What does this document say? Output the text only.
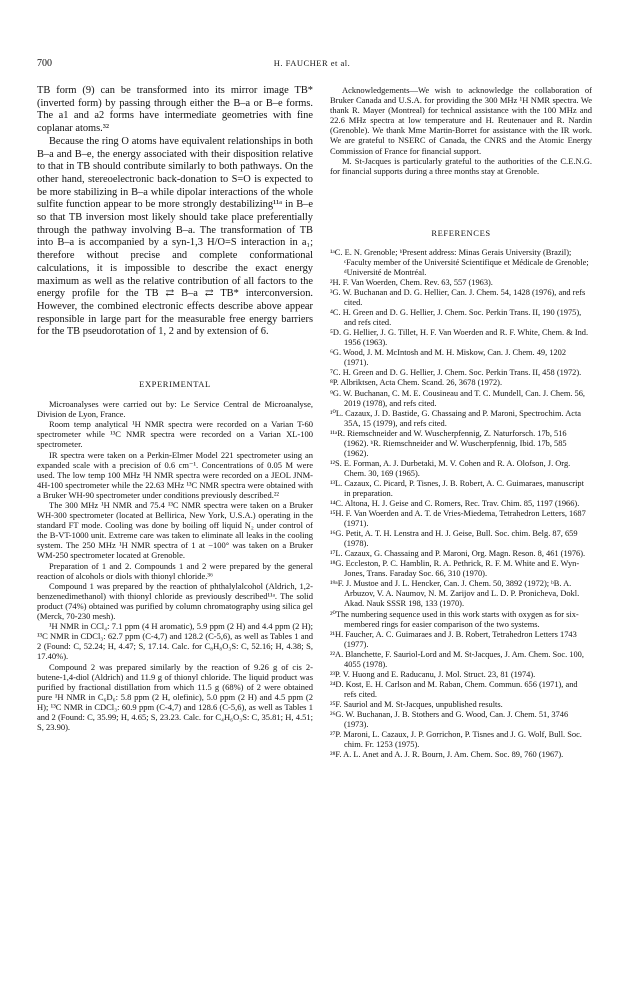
700	H. FAUCHER et al.

TB form (9) can be transformed into its mirror image TB* (inverted form) by passing through either the B–a or B–e forms. The a1 and a2 forms have intermediate geometries with fine coplanar atoms.³²

Because the ring O atoms have equivalent relationships in both B–a and B–e, the energy associated with their disposition relative to that in TB should contribute similarly to both pathways. On the other hand, stereoelectronic back-donation to S=O is expected to be more stabilizing in B–a while dipolar interactions of the whole sulfite function appear to be more strongly destabilizing¹¹ᵃ in B–e so that TB inversion most likely should take place preferentially through the pathway involving B–a. The transformation of TB into B–a is accompanied by a syn-1,3 H/O=S interaction in a₁; therefore without precise and complete conformational calculations, it is impossible to describe the exact energy maximum as well as the relative contribution of all factors to the energy profile for the TB ⇄ B–a ⇄ TB* interconversion. However, the combined electronic effects describe above appear responsible in large part for the measurable free energy barriers for the TB pseudorotation of 1, 2 and by extension of 6.

EXPERIMENTAL

Microanalyses were carried out by: Le Service Central de Microanalyse, Division de Lyon, France.

Room temp analytical ¹H NMR spectra were recorded on a Varian T-60 spectrometer while ¹³C NMR spectra were recorded on a Varian XL-100 spectrometer.

IR spectra were taken on a Perkin-Elmer Model 221 spectrometer using an expanded scale with a precision of 0.6 cm⁻¹. Concentrations of 0.05 M were used. The low temp 100 MHz ¹H NMR spectra were recorded on a JEOL JNM-4H-100 spectrometer while the 22.63 MHz ¹³C NMR spectra were obtained with a Bruker WH-90 spectrometer under conditions previously described.²²

The 300 MHz ¹H NMR and 75.4 ¹³C NMR spectra were taken on a Bruker WH-300 spectrometer (located at Bellirica, New York, U.S.A.) operating in the standard FT mode. Cooling was done by boiling off liquid N₂ under control of the B-VT-1000 unit. Extreme care was taken to eliminate all leaks in the cooling system. The 250 MHz ¹H NMR spectra of 1 at −100° was taken on a Bruker WM-250 spectrometer located at Grenoble.

Preparation of 1 and 2. Compounds 1 and 2 were prepared by the general reaction of alcohols or diols with thionyl chloride.³⁶

Compound 1 was prepared by the reaction of phthalylalcohol (Aldrich, 1,2-benzenedimethanol) with thionyl chloride as previously described¹¹ᵃ. The solid product (74%) obtained was purified by column chromatography using silica gel (Merck, 70-230 mesh).

¹H NMR in CCl₄: 7.1 ppm (4 H aromatic), 5.9 ppm (2 H) and 4.4 ppm (2 H); ¹³C NMR in CDCl₃: 62.7 ppm (C-4,7) and 128.2 (C-5,6), as well as Tables 1 and 2 (Found: C, 52.24; H, 4.47; S, 17.14. Calc. for C₈H₈O₃S: C, 52.16; H, 4.38; S, 17.40%).

Compound 2 was prepared similarly by the reaction of 9.26 g of cis 2-butene-1,4-diol (Aldrich) and 11.9 g of thionyl chloride. The liquid product was purified by fractional distillation from which 11.5 g (68%) of 2 were obtained pure ¹H NMR in C₆D₆: 5.8 ppm (2 H, olefinic), 5.0 ppm (2 H) and 4.5 ppm (2 H); ¹³C NMR in CDCl₃: 60.9 ppm (C-4,7) and 128.6 (C-5,6), as well as Tables 1 and 2 (Found: C, 35.99; H, 4.65; S, 23.23. Calc. for C₄H₆O₃S: C, 35.81; H, 4.51; S, 23.90).

Acknowledgements—We wish to acknowledge the collaboration of Bruker Canada and U.S.A. for providing the 300 MHz ¹H NMR spectra. We thank R. Mayer (Montreal) for technical assistance with the 100 MHz and 22.6 MHz spectra at low temperature and H. Reutenauer and R. Nardin (Grenoble). We thank Mme Martin-Borret for assistance with the IR work. We are grateful to NSERC of Canada, the CNRS and the Atomic Energy Commission of France for financial support.

M. St-Jacques is particularly grateful to the authorities of the C.E.N.G. for financial supports during a three months stay at Grenoble.

REFERENCES
¹ᵃC. E. N. Grenoble; ᵇPresent address: Minas Gerais University (Brazil); ᶜFaculty member of the Université Scientifique et Médicale de Grenoble; ᵈUniversité de Montréal.
²H. F. Van Woerden, Chem. Rev. 63, 557 (1963).
³G. W. Buchanan and D. G. Hellier, Can. J. Chem. 54, 1428 (1976), and refs cited.
⁴C. H. Green and D. G. Hellier, J. Chem. Soc. Perkin Trans. II, 190 (1975), and refs cited.
⁵D. G. Hellier, J. G. Tillet, H. F. Van Woerden and R. F. White, Chem. & Ind. 1956 (1963).
⁶G. Wood, J. M. McIntosh and M. H. Miskow, Can. J. Chem. 49, 1202 (1971).
⁷C. H. Green and D. G. Hellier, J. Chem. Soc. Perkin Trans. II, 458 (1972).
⁸P. Albriktsen, Acta Chem. Scand. 26, 3678 (1972).
⁹G. W. Buchanan, C. M. E. Cousineau and T. C. Mundell, Can. J. Chem. 56, 2019 (1978), and refs cited.
¹⁰L. Cazaux, J. D. Bastide, G. Chassaing and P. Maroni, Spectrochim. Acta 35A, 15 (1979), and refs cited.
¹¹ᵃR. Riemschneider and W. Wuscherpfennig, Z. Naturforsch. 17b, 516 (1962). ᵇR. Riemschneider and W. Wuscherpfennig, Ibid. 17b, 585 (1962).
¹²S. E. Forman, A. J. Durbetaki, M. V. Cohen and R. A. Olofson, J. Org. Chem. 30, 169 (1965).
¹³L. Cazaux, C. Picard, P. Tisnes, J. B. Robert, A. C. Guimaraes, manuscript in preparation.
¹⁴C. Altona, H. J. Geise and C. Romers, Rec. Trav. Chim. 85, 1197 (1966).
¹⁵H. F. Van Woerden and A. T. de Vries-Miedema, Tetrahedron Letters, 1687 (1971).
¹⁶G. Petit, A. T. H. Lenstra and H. J. Geise, Bull. Soc. chim. Belg. 87, 659 (1978).
¹⁷L. Cazaux, G. Chassaing and P. Maroni, Org. Magn. Reson. 8, 461 (1976).
¹⁸G. Eccleston, P. C. Hamblin, R. A. Pethrick, R. F. M. White and E. Wyn-Jones, Trans. Faraday Soc. 66, 310 (1970).
¹⁹ᵃF. J. Mustoe and J. L. Hencker, Can. J. Chem. 50, 3892 (1972); ᵇB. A. Arbuzov, V. A. Naumov, N. M. Zarijov and L. D. P. Pronicheva, Dokl. Akad. Nauk SSSR 198, 133 (1970).
²⁰The numbering sequence used in this work starts with oxygen as for six-membered rings for easier comparison of the two systems.
²¹H. Faucher, A. C. Guimaraes and J. B. Robert, Tetrahedron Letters 1743 (1977).
²²A. Blanchette, F. Sauriol-Lord and M. St-Jacques, J. Am. Chem. Soc. 100, 4055 (1978).
²³P. V. Huong and E. Raducanu, J. Mol. Struct. 23, 81 (1974).
²⁴D. Kost, E. H. Carlson and M. Raban, Chem. Commun. 656 (1971), and refs cited.
²⁵F. Sauriol and M. St-Jacques, unpublished results.
²⁶G. W. Buchanan, J. B. Stothers and G. Wood, Can. J. Chem. 51, 3746 (1973).
²⁷P. Maroni, L. Cazaux, J. P. Gorrichon, P. Tisnes and J. G. Wolf, Bull. Soc. chim. Fr. 1253 (1975).
²⁸F. A. L. Anet and A. J. R. Bourn, J. Am. Chem. Soc. 89, 760 (1967).
